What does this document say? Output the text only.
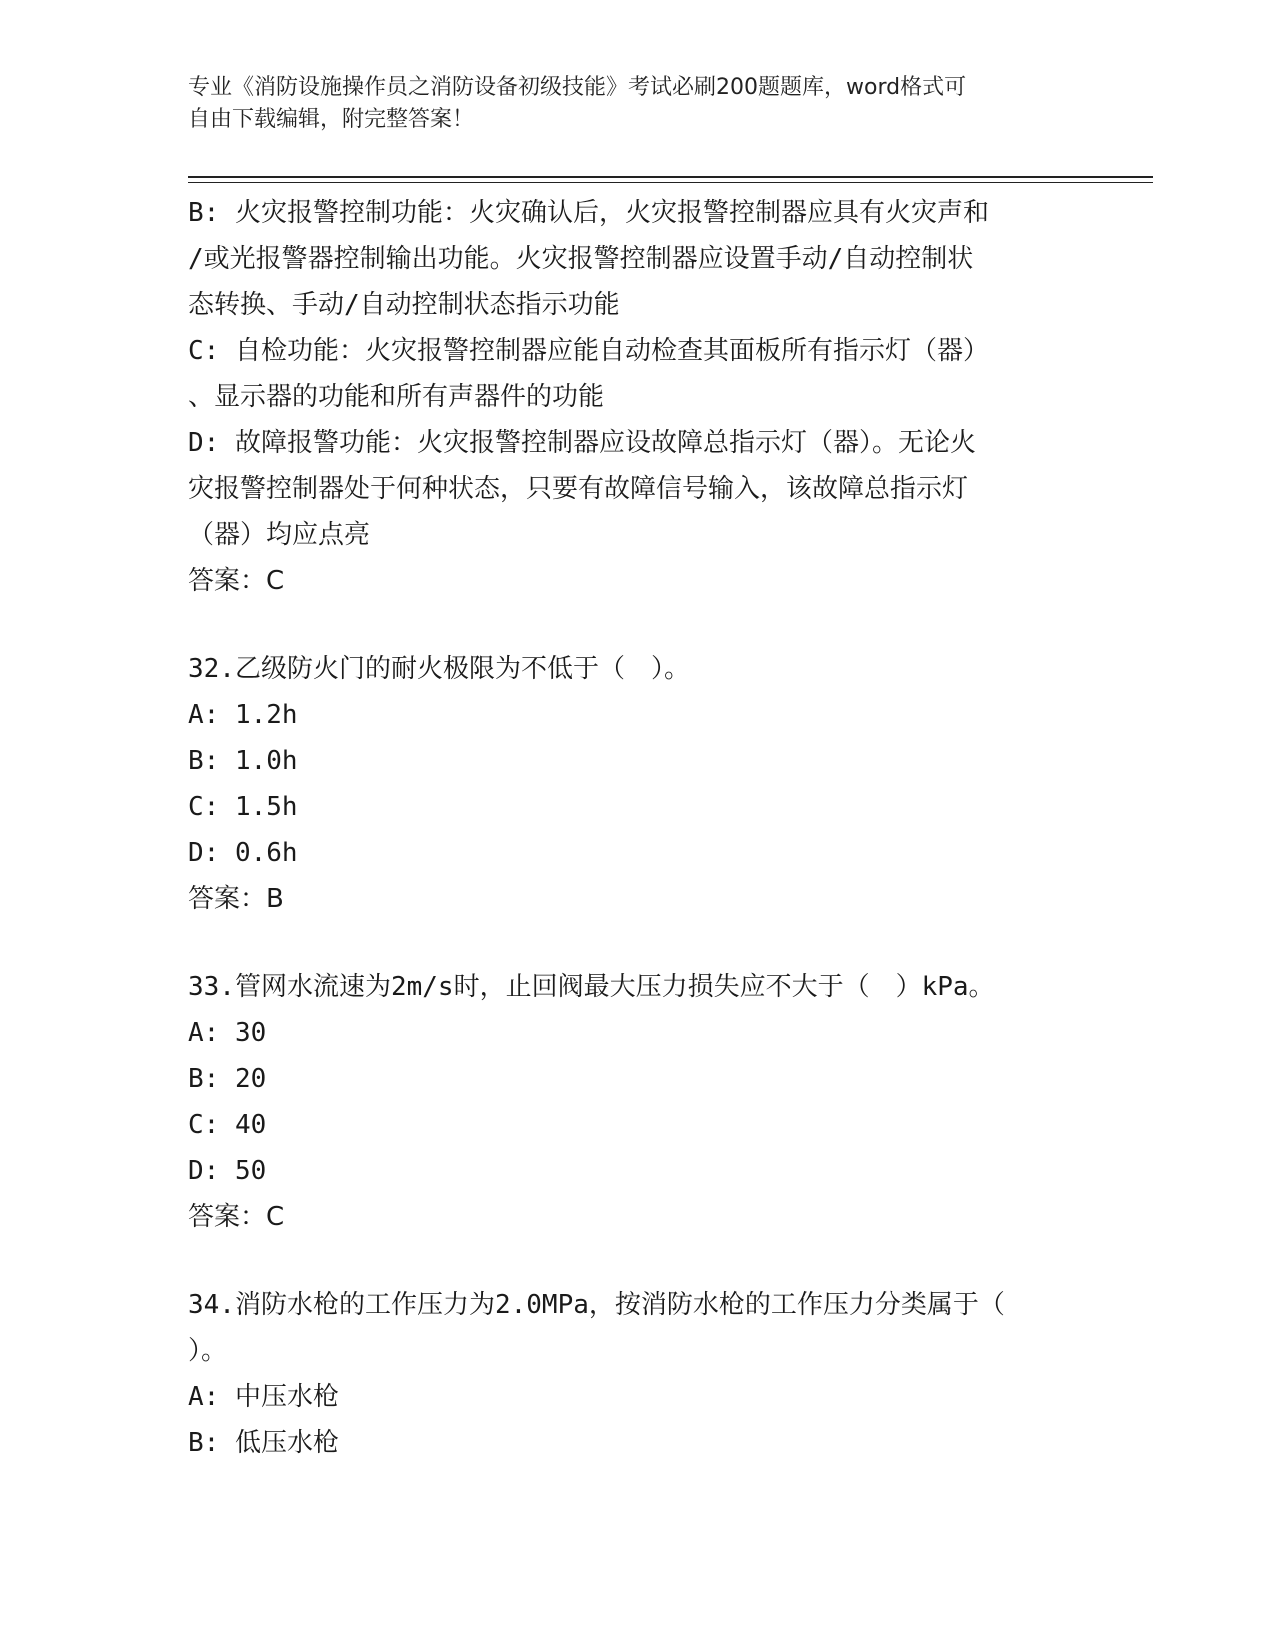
专业《消防设施操作员之消防设备初级技能》考试必刷200题题库，word格式可
自由下载编辑，附完整答案！
B: 火灾报警控制功能：火灾确认后，火灾报警控制器应具有火灾声和
/或光报警器控制输出功能。火灾报警控制器应设置手动/自动控制状
态转换、手动/自动控制状态指示功能
C: 自检功能：火灾报警控制器应能自动检查其面板所有指示灯（器）
、显示器的功能和所有声器件的功能
D: 故障报警功能：火灾报警控制器应设故障总指示灯（器）。无论火
灾报警控制器处于何种状态，只要有故障信号输入，该故障总指示灯
（器）均应点亮
答案：C
32.乙级防火门的耐火极限为不低于（　）。
A: 1.2h
B: 1.0h
C: 1.5h
D: 0.6h
答案：B
33.管网水流速为2m/s时，止回阀最大压力损失应不大于（　）kPa。
A: 30
B: 20
C: 40
D: 50
答案：C
34.消防水枪的工作压力为2.0MPa，按消防水枪的工作压力分类属于（
）。
A: 中压水枪
B: 低压水枪
